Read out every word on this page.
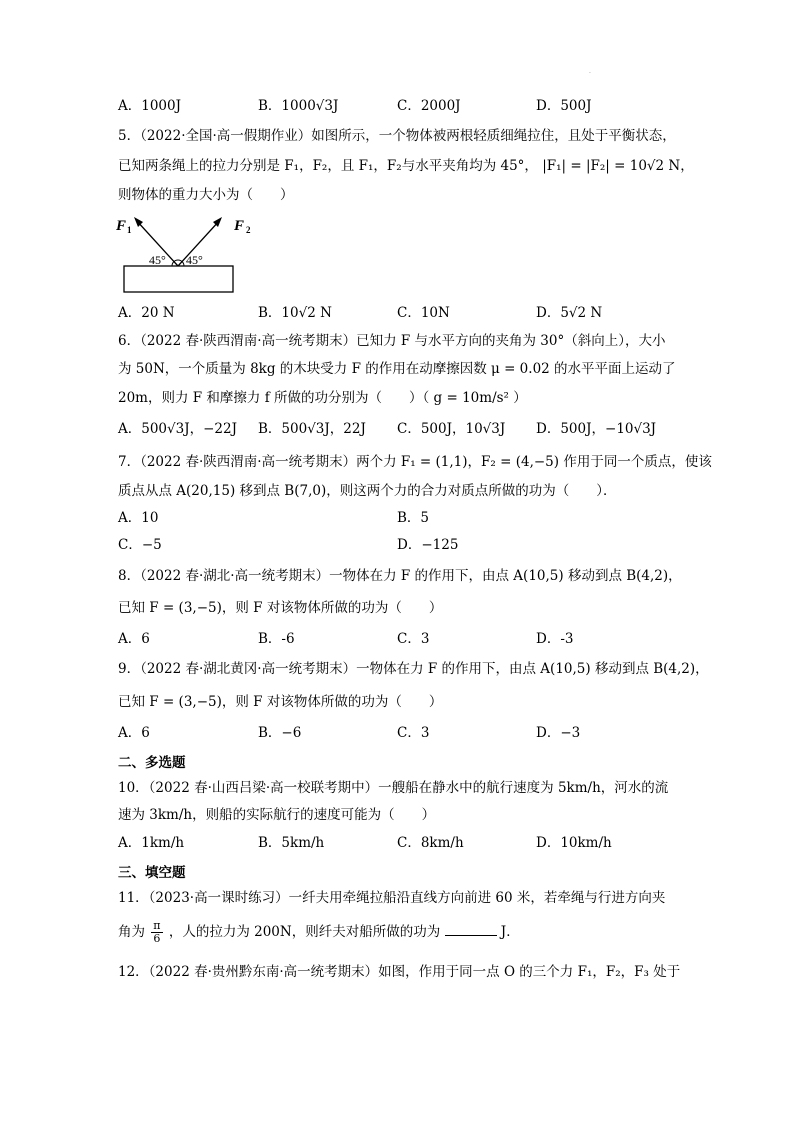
.
A．1000J	B．1000√3J	C．2000J	D．500J
5．（2022·全国·高一假期作业）如图所示，一个物体被两根轻质细绳拉住，且处于平衡状态，
已知两条绳上的拉力分别是 F₁，F₂，且 F₁，F₂与水平夹角均为 45°， |F₁| = |F₂| = 10√2 N，
则物体的重力大小为（　　）
F 1	F 2
45° 45°
A．20 N	B．10√2 N	C．10N	D．5√2 N
6．（2022 春·陕西渭南·高一统考期末）已知力 F 与水平方向的夹角为 30°（斜向上），大小
为 50N，一个质量为 8kg 的木块受力 F 的作用在动摩擦因数 μ = 0.02 的水平平面上运动了
20m，则力 F 和摩擦力 f 所做的功分别为（　　）（ g = 10m/s² ）
A．500√3J，−22J B．500√3J，22J C．500J，10√3J D．500J，−10√3J
7．（2022 春·陕西渭南·高一统考期末）两个力 F₁ = (1,1)，F₂ = (4,−5) 作用于同一个质点，使该
质点从点 A(20,15) 移到点 B(7,0)，则这两个力的合力对质点所做的功为（　　）．
A．10	B．5
C．−5	D．−125
8．（2022 春·湖北·高一统考期末）一物体在力 F 的作用下，由点 A(10,5) 移动到点 B(4,2)，
已知 F = (3,−5)，则 F 对该物体所做的功为（　　）
A．6	B．-6	C．3	D．-3
9．（2022 春·湖北黄冈·高一统考期末）一物体在力 F 的作用下，由点 A(10,5) 移动到点 B(4,2)，
已知 F = (3,−5)，则 F 对该物体所做的功为（　　）
A．6	B．−6	C．3	D．−3
二、多选题
10．（2022 春·山西吕梁·高一校联考期中）一艘船在静水中的航行速度为 5km/h，河水的流
速为 3km/h，则船的实际航行的速度可能为（　　）
A．1km/h	B．5km/h	C．8km/h	D．10km/h
三、填空题
11．（2023·高一课时练习）一纤夫用牵绳拉船沿直线方向前进 60 米，若牵绳与行进方向夹
角为 $\frac{\pi}{6}$ ，人的拉力为 200N，则纤夫对船所做的功为	J．
12．（2022 春·贵州黔东南·高一统考期末）如图，作用于同一点 O 的三个力 F₁，F₂，F₃ 处于
